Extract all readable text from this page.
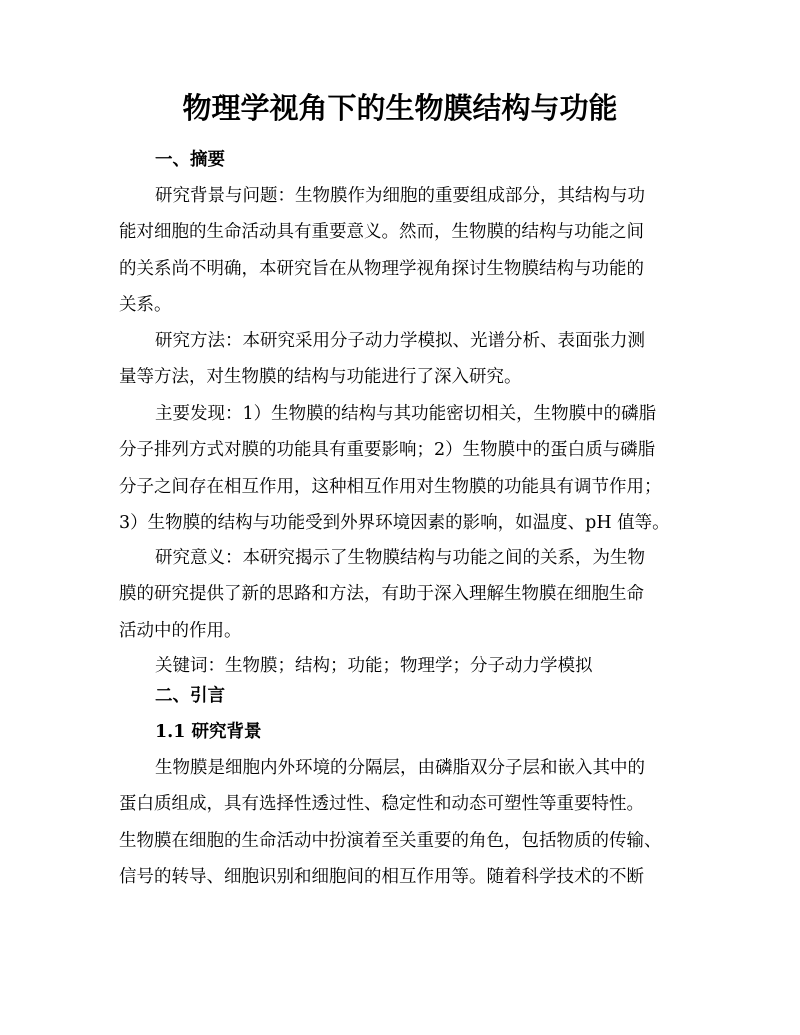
物理学视角下的生物膜结构与功能
一、摘要

研究背景与问题：生物膜作为细胞的重要组成部分，其结构与功
能对细胞的生命活动具有重要意义。然而，生物膜的结构与功能之间
的关系尚不明确，本研究旨在从物理学视角探讨生物膜结构与功能的
关系。

研究方法：本研究采用分子动力学模拟、光谱分析、表面张力测
量等方法，对生物膜的结构与功能进行了深入研究。

主要发现：1）生物膜的结构与其功能密切相关，生物膜中的磷脂
分子排列方式对膜的功能具有重要影响；2）生物膜中的蛋白质与磷脂
分子之间存在相互作用，这种相互作用对生物膜的功能具有调节作用；
3）生物膜的结构与功能受到外界环境因素的影响，如温度、pH 值等。

研究意义：本研究揭示了生物膜结构与功能之间的关系，为生物
膜的研究提供了新的思路和方法，有助于深入理解生物膜在细胞生命
活动中的作用。

关键词：生物膜；结构；功能；物理学；分子动力学模拟

二、引言
1.1 研究背景

生物膜是细胞内外环境的分隔层，由磷脂双分子层和嵌入其中的
蛋白质组成，具有选择性透过性、稳定性和动态可塑性等重要特性。
生物膜在细胞的生命活动中扮演着至关重要的角色，包括物质的传输、
信号的转导、细胞识别和细胞间的相互作用等。随着科学技术的不断
